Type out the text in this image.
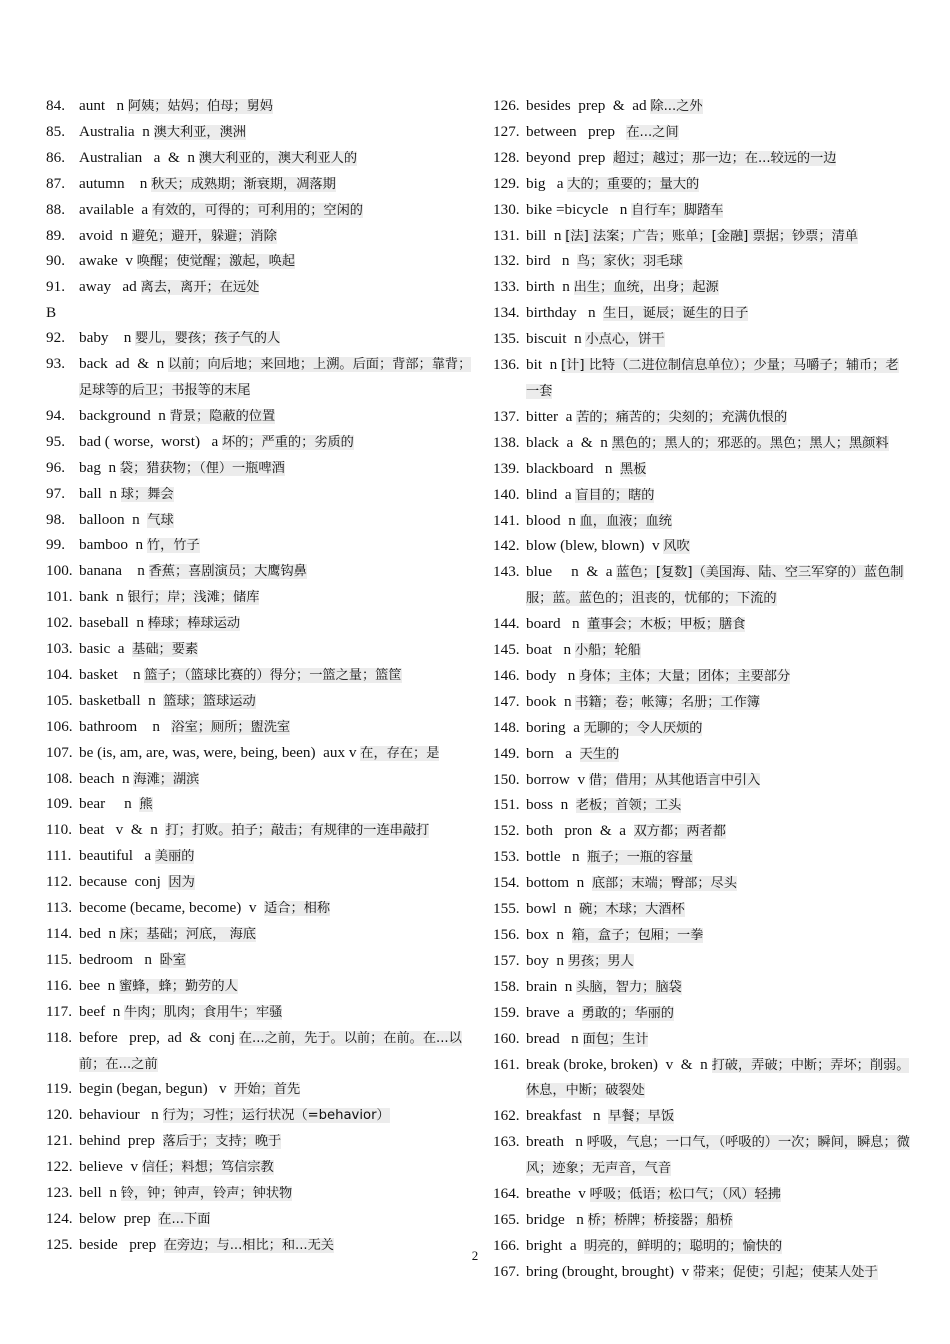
84. aunt   n 阿姨；姑妈；伯母；舅妈
85. Australia  n 澳大利亚，澳洲
86. Australian   a  &  n 澳大利亚的，澳大利亚人的
87. autumn    n 秋天；成熟期；渐衰期，凋落期
88. available  a 有效的，可得的；可利用的；空闲的
89. avoid  n 避免；避开，躲避；消除
90. awake  v 唤醒；使觉醒；激起，唤起
91. away   ad 离去，离开；在远处
B
92. baby    n 婴儿，婴孩；孩子气的人
93. back  ad  &  n 以前；向后地；来回地；上溯。后面；背部；靠背；足球等的后卫；书报等的末尾
94. background  n 背景；隐蔽的位置
95. bad ( worse,  worst)   a 坏的；严重的；劣质的
96. bag  n 袋；猎获物；（俚）一瓶啤酒
97. ball  n 球；舞会
98. balloon  n  气球
99. bamboo  n 竹，竹子
100. banana    n 香蕉；喜剧演员；大鹰钩鼻
101. bank  n 银行；岸；浅滩；储库
102. baseball  n 棒球；棒球运动
103. basic  a  基础；要素
104. basket    n 篮子；（篮球比赛的）得分；一篮之量；篮筐
105. basketball  n  篮球；篮球运动
106. bathroom    n   浴室；厕所；盥洗室
107. be (is, am, are, was, were, being, been)  aux v 在，存在；是
108. beach  n 海滩；湖滨
109. bear     n  熊
110. beat   v  &  n  打；打败。拍子；敲击；有规律的一连串敲打
111. beautiful   a 美丽的
112. because  conj  因为
113. become (became, become)  v  适合；相称
114. bed  n 床；基础；河底， 海底
115. bedroom   n  卧室
116. bee  n 蜜蜂，蜂；勤劳的人
117. beef  n 牛肉；肌肉；食用牛；牢骚
118. before   prep,  ad  &  conj 在...之前，先于。以前；在前。在...以前；在...之前
119. begin (began, begun)   v  开始；首先
120. behaviour   n 行为；习性；运行状况（=behavior）
121. behind  prep  落后于；支持；晚于
122. believe  v 信任；料想；笃信宗教
123. bell  n 铃，钟；钟声，铃声；钟状物
124. below  prep  在...下面
125. beside   prep  在旁边；与...相比；和...无关
126. besides  prep  &  ad 除...之外
127. between   prep   在...之间
128. beyond  prep  超过；越过；那一边；在...较远的一边
129. big   a 大的；重要的；量大的
130. bike =bicycle   n 自行车；脚踏车
131. bill  n [法] 法案；广告；账单；[金融] 票据；钞票；清单
132. bird   n  鸟；家伙；羽毛球
133. birth  n 出生；血统，出身；起源
134. birthday   n  生日，诞辰；诞生的日子
135. biscuit  n 小点心，饼干
136. bit  n [计] 比特（二进位制信息单位）；少量；马嚼子；辅币；老一套
137. bitter  a 苦的；痛苦的；尖刻的；充满仇恨的
138. black  a  &  n 黑色的；黑人的；邪恶的。黑色；黑人；黑颜料
139. blackboard   n  黑板
140. blind  a 盲目的；瞎的
141. blood  n 血，血液；血统
142. blow (blew, blown)  v 风吹
143. blue     n  &  a 蓝色；[复数]（美国海、陆、空三军穿的）蓝色制服；蓝。蓝色的；沮丧的，忧郁的；下流的
144. board   n  董事会；木板；甲板；膳食
145. boat   n 小船；轮船
146. body   n 身体；主体；大量；团体；主要部分
147. book  n 书籍；卷；帐簿；名册；工作簿
148. boring  a 无聊的；令人厌烦的
149. born   a  天生的
150. borrow  v 借；借用；从其他语言中引入
151. boss  n  老板；首领；工头
152. both   pron  &  a  双方都；两者都
153. bottle   n  瓶子；一瓶的容量
154. bottom  n  底部；末端；臀部；尽头
155. bowl  n  碗；木球；大酒杯
156. box  n  箱，盒子；包厢；一拳
157. boy  n 男孩；男人
158. brain  n 头脑，智力；脑袋
159. brave  a  勇敢的；华丽的
160. bread   n 面包；生计
161. break (broke, broken)  v  &  n 打破，弄破；中断；弄坏；削弱。休息，中断；破裂处
162. breakfast   n  早餐；早饭
163. breath   n 呼吸，气息；一口气，（呼吸的）一次；瞬间，瞬息；微风；迹象；无声音，气音
164. breathe  v 呼吸；低语；松口气；（风）轻拂
165. bridge   n 桥；桥牌；桥接器；船桥
166. bright  a  明亮的，鲜明的；聪明的；愉快的
167. bring (brought, brought)  v 带来；促使；引起；使某人处于
2
